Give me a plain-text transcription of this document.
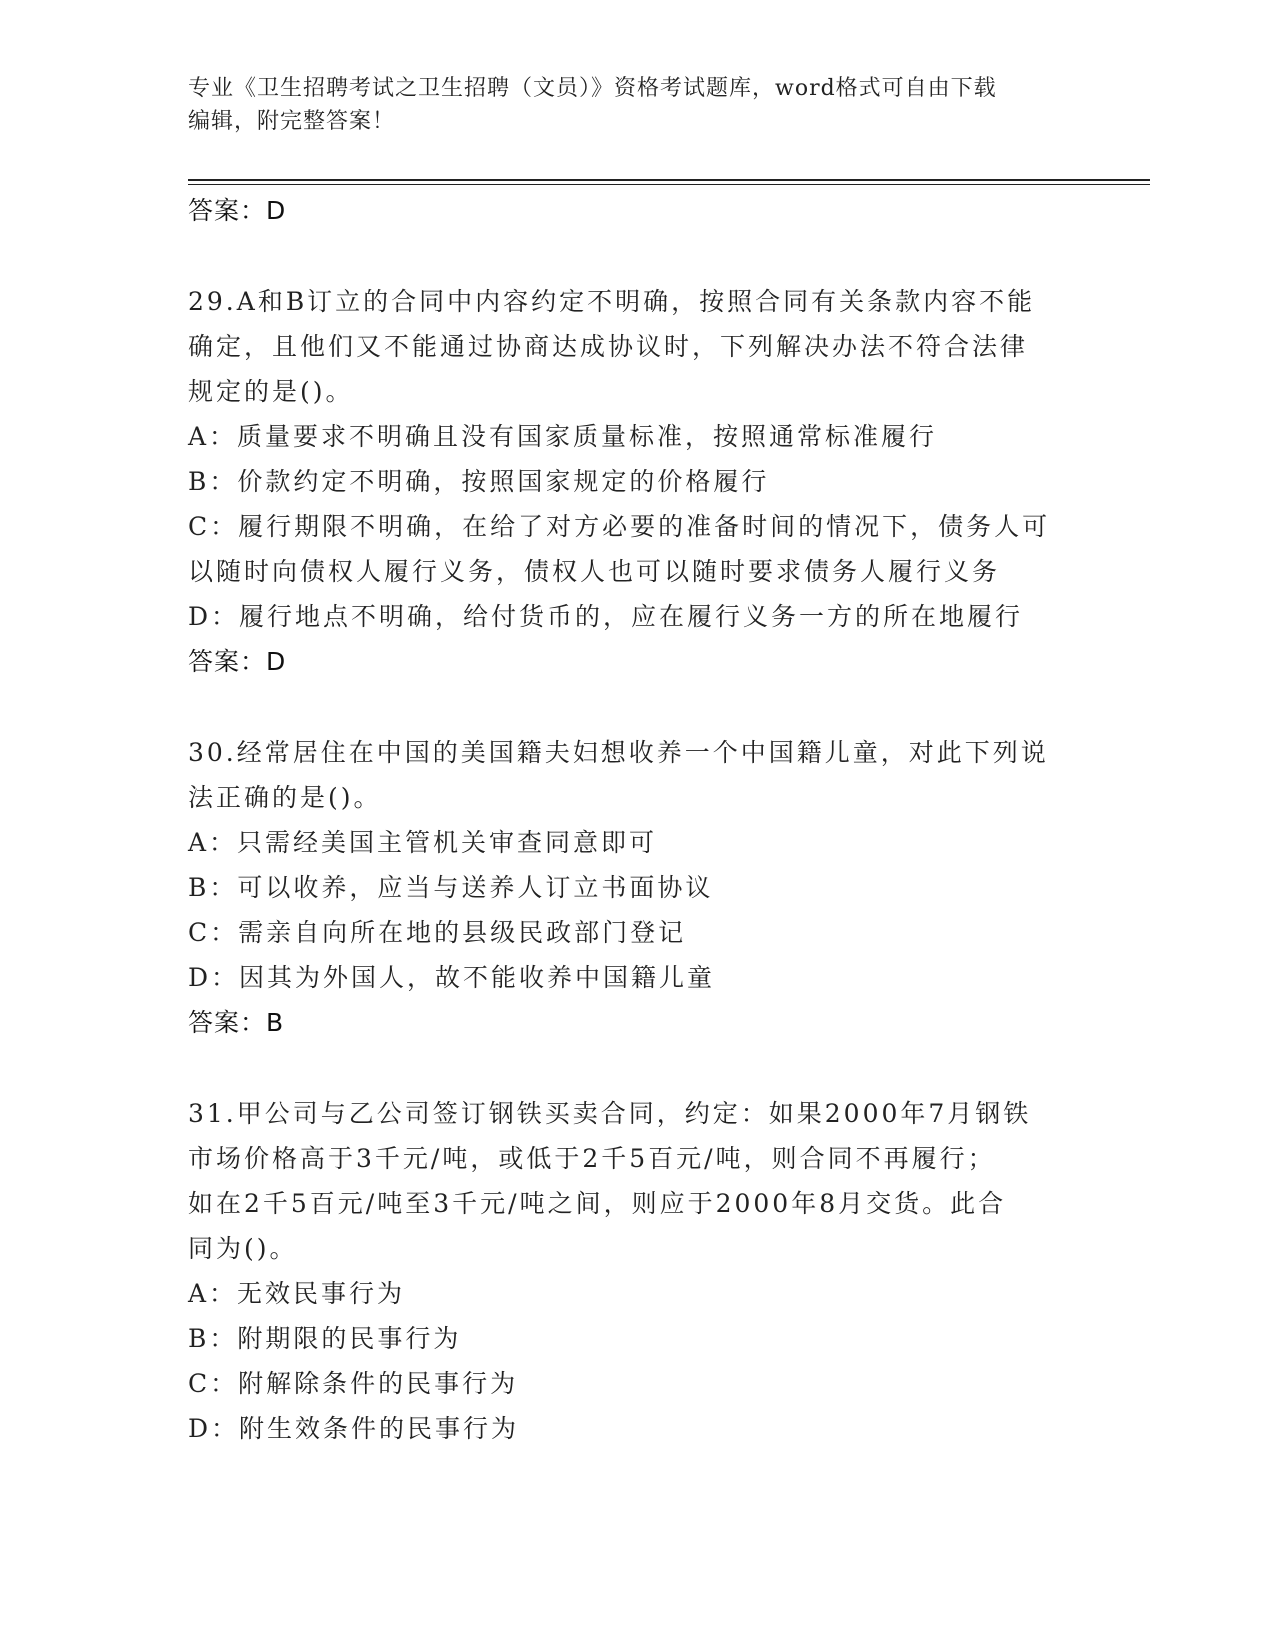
专业《卫生招聘考试之卫生招聘（文员）》资格考试题库，word格式可自由下载
编辑，附完整答案！
答案：D
29.A和B订立的合同中内容约定不明确，按照合同有关条款内容不能
确定，且他们又不能通过协商达成协议时，下列解决办法不符合法律
规定的是()。
A：质量要求不明确且没有国家质量标准，按照通常标准履行
B：价款约定不明确，按照国家规定的价格履行
C：履行期限不明确，在给了对方必要的准备时间的情况下，债务人可
以随时向债权人履行义务，债权人也可以随时要求债务人履行义务
D：履行地点不明确，给付货币的，应在履行义务一方的所在地履行
答案：D
30.经常居住在中国的美国籍夫妇想收养一个中国籍儿童，对此下列说
法正确的是()。
A：只需经美国主管机关审查同意即可
B：可以收养，应当与送养人订立书面协议
C：需亲自向所在地的县级民政部门登记
D：因其为外国人，故不能收养中国籍儿童
答案：B
31.甲公司与乙公司签订钢铁买卖合同，约定：如果2000年7月钢铁
市场价格高于3千元/吨，或低于2千5百元/吨，则合同不再履行；
如在2千5百元/吨至3千元/吨之间，则应于2000年8月交货。此合
同为()。
A：无效民事行为
B：附期限的民事行为
C：附解除条件的民事行为
D：附生效条件的民事行为
